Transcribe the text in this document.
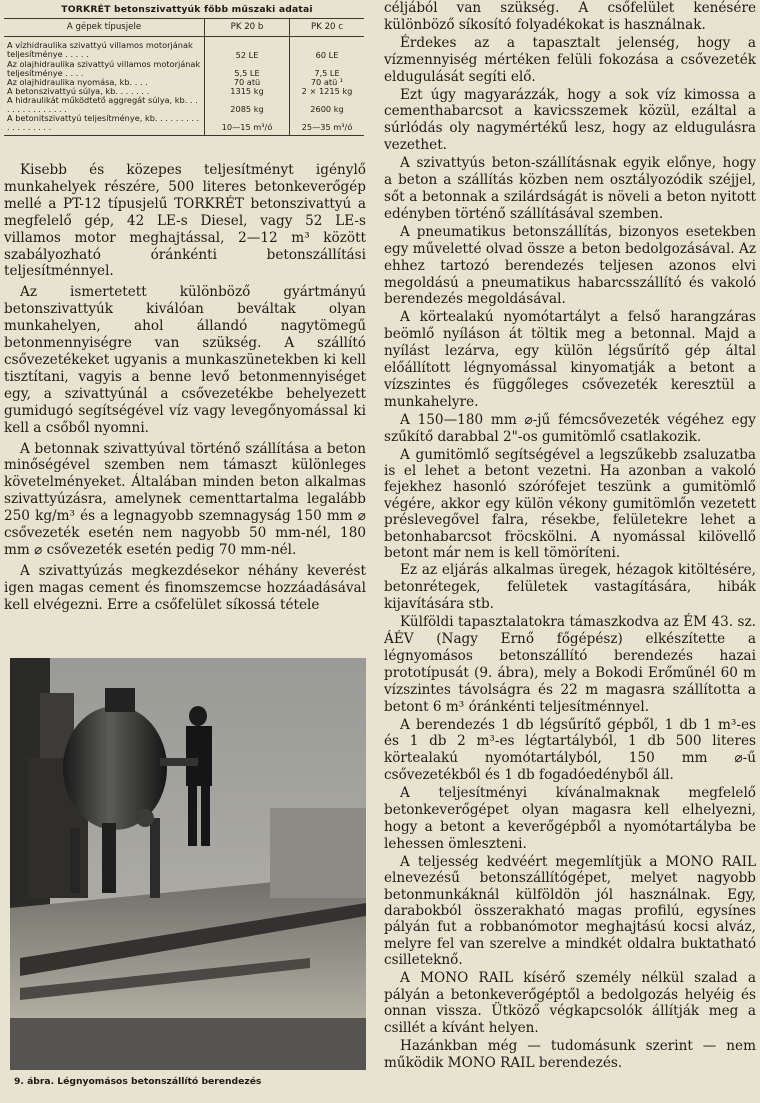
TORKRÉT betonszivattyúk főbb műszaki adatai
A gépek típusjele	PK 20 b	PK 20 c
A vízhidraulika szivattyú villamos motorjának teljesítménye . . . . .	52 LE	60 LE
Az olajhidraulika szivattyú villamos motorjának teljesítménye . . . .	5,5 LE	7,5 LE
Az olajhidraulika nyomása, kb. . . .	70 atü	70 atü ¹
A betonszivattyú súlya, kb. . . . . . .	1315 kg	2 × 1215 kg
A hidraulikát működtető aggregát súlya, kb. . . . . . . . . . . . . . .	2085 kg	2600 kg
A betonitszivattyú teljesítménye, kb. . . . . . . . . . . . . . . . . .	10—15 m³/ó	25—35 m³/ó

Kisebb és közepes teljesítményt igénylő munkahelyek részére, 500 literes betonkeverőgép mellé a PT-12 típusjelű TORKRÉT betonszivattyú a megfelelő gép, 42 LE-s Diesel, vagy 52 LE-s villamos motor meghajtással, 2—12 m³ között szabályozható óránkénti betonszállítási teljesítménnyel.

Az ismertetett különböző gyártmányú betonszivattyúk kiválóan beváltak olyan munkahelyen, ahol állandó nagytömegű betonmennyiségre van szükség. A szállító csővezetékeket ugyanis a munkaszünetekben ki kell tisztítani, vagyis a benne levő betonmennyiséget egy, a szivattyúnál a csővezetékbe behelyezett gumidugó segítségével víz vagy levegőnyomással ki kell a csőből nyomni.

A betonnak szivattyúval történő szállítása a beton minőségével szemben nem támaszt különleges követelményeket. Általában minden beton alkalmas szivattyúzásra, amelynek cementtartalma legalább 250 kg/m³ és a legnagyobb szemnagyság 150 mm ⌀ csővezeték esetén nem nagyobb 50 mm-nél, 180 mm ⌀ csővezeték esetén pedig 70 mm-nél.

A szivattyúzás megkezdésekor néhány keverést igen magas cement és finomszemcse hozzáadásával kell elvégezni. Erre a csőfelület síkossá tétele

9. ábra. Légnyomásos betonszállító berendezés

céljából van szükség. A csőfelület kenésére különböző síkosító folyadékokat is használnak.

Érdekes az a tapasztalt jelenség, hogy a vízmennyiség mértéken felüli fokozása a csővezeték eldugulását segíti elő.

Ezt úgy magyarázzák, hogy a sok víz kimossa a cementhabarcsot a kavicsszemek közül, ezáltal a súrlódás oly nagymértékű lesz, hogy az eldugulásra vezethet.

A szivattyús beton-szállításnak egyik előnye, hogy a beton a szállítás közben nem osztályozódik széjjel, sőt a betonnak a szilárdságát is növeli a beton nyitott edényben történő szállításával szemben.

A pneumatikus betonszállítás, bizonyos esetekben egy műveletté olvad össze a beton bedolgozásával. Az ehhez tartozó berendezés teljesen azonos elvi megoldású a pneumatikus habarcsszállító és vakoló berendezés megoldásával.

A körtealakú nyomótartályt a felső harangzáras beömlő nyíláson át töltik meg a betonnal. Majd a nyílást lezárva, egy külön légsűrítő gép által előállított légnyomással kinyomatják a betont a vízszintes és függőleges csővezeték keresztül a munkahelyre.

A 150—180 mm ⌀-jű fémcsővezeték végéhez egy szűkítő darabbal 2"-os gumitömlő csatlakozik.

A gumitömlő segítségével a legszűkebb zsaluzatba is el lehet a betont vezetni. Ha azonban a vakoló fejekhez hasonló szórófejet teszünk a gumitömlő végére, akkor egy külön vékony gumitömlőn vezetett préslevegővel falra, résekbe, felületekre lehet a betonhabarcsot fröcskölni. A nyomással kilövellő betont már nem is kell tömöríteni.

Ez az eljárás alkalmas üregek, hézagok kitöltésére, betonrétegek, felületek vastagítására, hibák kijavítására stb.

Külföldi tapasztalatokra támaszkodva az ÉM 43. sz. ÁÉV (Nagy Ernő főgépész) elkészítette a légnyomásos betonszállító berendezés hazai prototípusát (9. ábra), mely a Bokodi Erőműnél 60 m vízszintes távolságra és 22 m magasra szállította a betont 6 m³ óránkénti teljesítménnyel.

A berendezés 1 db légsűrítő gépből, 1 db 1 m³-es és 1 db 2 m³-es légtartályból, 1 db 500 literes körtealakú nyomótartályból, 150 mm ⌀-ű csővezetékből és 1 db fogadóedényből áll.

A teljesítményi kívánalmaknak megfelelő betonkeverőgépet olyan magasra kell elhelyezni, hogy a betont a keverőgépből a nyomótartályba be lehessen ömleszteni.

A teljesség kedvéért megemlítjük a MONO RAIL elnevezésű betonszállítógépet, melyet nagyobb betonmunkáknál külföldön jól használnak. Egy, darabokból összerakható magas profilú, egysínes pályán fut a robbanómotor meghajtású kocsi alváz, melyre fel van szerelve a mindkét oldalra buktatható csilleteknő.

A MONO RAIL kísérő személy nélkül szalad a pályán a betonkeverőgéptől a bedolgozás helyéig és onnan vissza. Ütköző végkapcsolók állítják meg a csillét a kívánt helyen.

Hazánkban még — tudomásunk szerint — nem működik MONO RAIL berendezés.
